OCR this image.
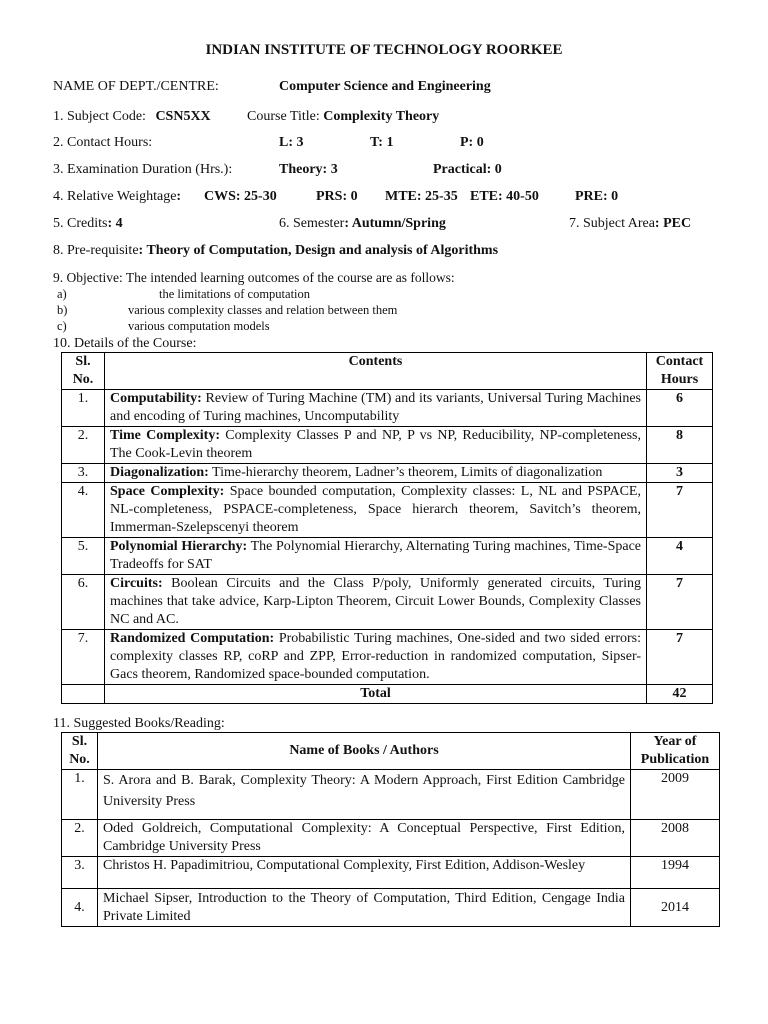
INDIAN INSTITUTE OF TECHNOLOGY ROORKEE
NAME OF DEPT./CENTRE:	Computer Science and Engineering
1. Subject Code: CSN5XX	Course Title: Complexity Theory
2. Contact Hours:	L: 3	T: 1	P: 0
3. Examination Duration (Hrs.):	Theory: 3	Practical: 0
4. Relative Weightage: CWS: 25-30	PRS: 0 MTE: 25-35 ETE: 40-50	PRE: 0
5. Credits: 4	6. Semester: Autumn/Spring	7. Subject Area: PEC
8. Pre-requisite: Theory of Computation, Design and analysis of Algorithms
9. Objective: The intended learning outcomes of the course are as follows:
a)	the limitations of computation
b)	various complexity classes and relation between them
c)	various computation models
10. Details of the Course:
Sl. No.	Contents	Contact Hours
1.	Computability: Review of Turing Machine (TM) and its variants, Universal Turing Machines and encoding of Turing machines, Uncomputability	6
2.	Time Complexity: Complexity Classes P and NP, P vs NP, Reducibility, NP-completeness, The Cook-Levin theorem	8
3.	Diagonalization: Time-hierarchy theorem, Ladner’s theorem, Limits of diagonalization	3
4.	Space Complexity: Space bounded computation, Complexity classes: L, NL and PSPACE, NL-completeness, PSPACE-completeness, Space hierarch theorem, Savitch’s theorem, Immerman-Szelepscenyi theorem	7
5.	Polynomial Hierarchy: The Polynomial Hierarchy, Alternating Turing machines, Time-Space Tradeoffs for SAT	4
6.	Circuits: Boolean Circuits and the Class P/poly, Uniformly generated circuits, Turing machines that take advice, Karp-Lipton Theorem, Circuit Lower Bounds, Complexity Classes NC and AC.	7
7.	Randomized Computation: Probabilistic Turing machines, One-sided and two sided errors: complexity classes RP, coRP and ZPP, Error-reduction in randomized computation, Sipser-Gacs theorem, Randomized space-bounded computation.	7
	Total	42
11. Suggested Books/Reading:
Sl. No.	Name of Books / Authors	Year of Publication
1.	S. Arora and B. Barak, Complexity Theory: A Modern Approach, First Edition Cambridge University Press	2009
2.	Oded Goldreich, Computational Complexity: A Conceptual Perspective, First Edition, Cambridge University Press	2008
3.	Christos H. Papadimitriou, Computational Complexity, First Edition, Addison-Wesley	1994
4.	Michael Sipser, Introduction to the Theory of Computation, Third Edition, Cengage India Private Limited	2014
